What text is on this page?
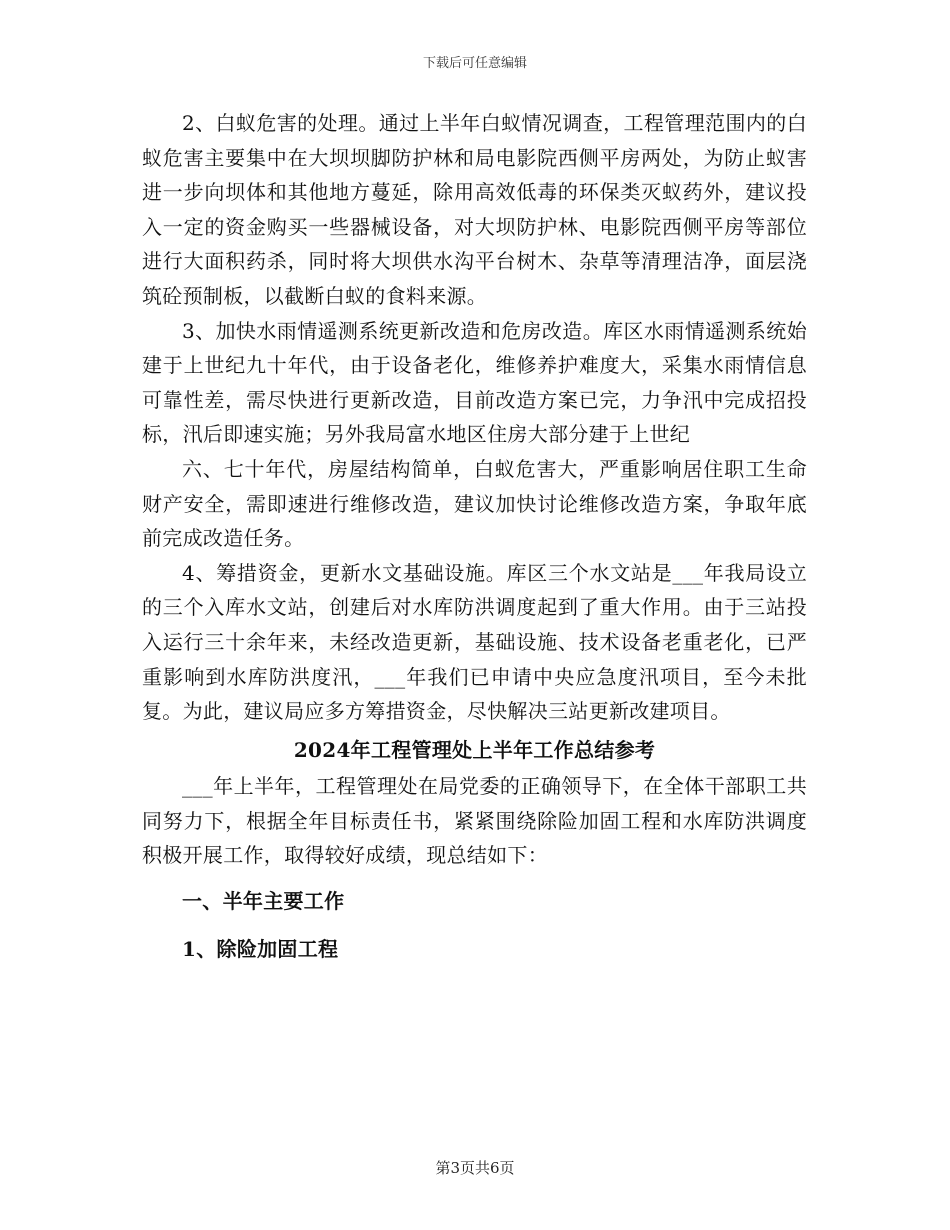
下载后可任意编辑

2、白蚁危害的处理。通过上半年白蚁情况调查，工程管理范围内的白蚁危害主要集中在大坝坝脚防护林和局电影院西侧平房两处，为防止蚁害进一步向坝体和其他地方蔓延，除用高效低毒的环保类灭蚁药外，建议投入一定的资金购买一些器械设备，对大坝防护林、电影院西侧平房等部位进行大面积药杀，同时将大坝供水沟平台树木、杂草等清理洁净，面层浇筑砼预制板，以截断白蚁的食料来源。

3、加快水雨情遥测系统更新改造和危房改造。库区水雨情遥测系统始建于上世纪九十年代，由于设备老化，维修养护难度大，采集水雨情信息可靠性差，需尽快进行更新改造，目前改造方案已完，力争汛中完成招投标，汛后即速实施；另外我局富水地区住房大部分建于上世纪

六、七十年代，房屋结构简单，白蚁危害大，严重影响居住职工生命财产安全，需即速进行维修改造，建议加快讨论维修改造方案，争取年底前完成改造任务。

4、筹措资金，更新水文基础设施。库区三个水文站是___年我局设立的三个入库水文站，创建后对水库防洪调度起到了重大作用。由于三站投入运行三十余年来，未经改造更新，基础设施、技术设备老重老化，已严重影响到水库防洪度汛，___年我们已申请中央应急度汛项目，至今未批复。为此，建议局应多方筹措资金，尽快解决三站更新改建项目。

2024年工程管理处上半年工作总结参考

___年上半年，工程管理处在局党委的正确领导下，在全体干部职工共同努力下，根据全年目标责任书，紧紧围绕除险加固工程和水库防洪调度积极开展工作，取得较好成绩，现总结如下：

一、半年主要工作

1、除险加固工程

第3页共6页
